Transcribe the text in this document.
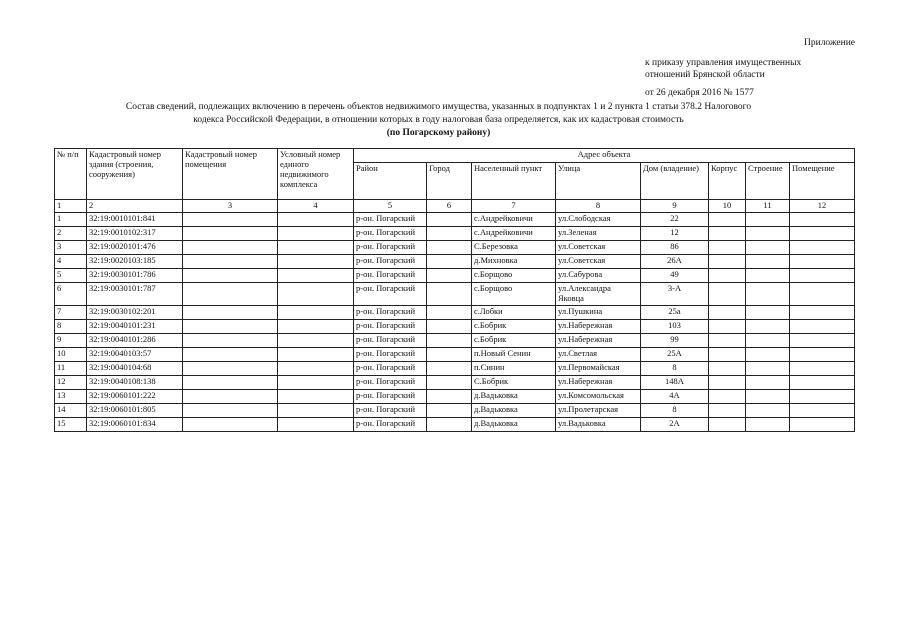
Приложение
к приказу управления имущественных
отношений Брянской области
от 26 декабря 2016 № 1577
Состав сведений, подлежащих включению в перечень объектов недвижимого имущества, указанных в подпунктах 1 и 2 пункта 1 статьи 378.2 Налогового
кодекса Российской Федерации, в отношении которых в году налоговая база определяется, как их кадастровая стоимость
(по Погарскому району)
№ п/п	Кадастровый номер здания (строения, сооружения)	Кадастровый номер помещения	Условный номер единого недвижимого комплекса	Адрес объекта							
				Район	Город	Населенный пункт	Улица	Дом (владение)	Корпус	Строение	Помещение
1	2	3	4	5	6	7	8	9	10	11	12
1	32:19:0010101:841			р-он. Погарский		с.Андрейковичи	ул.Слободская	22			
2	32:19:0010102:317			р-он. Погарский		с.Андрейковичи	ул.Зеленая	12			
3	32:19:0020101:476			р-он. Погарский		С.Березовка	ул.Советская	86			
4	32:19:0020103:185			р-он. Погарский		д.Михновка	ул.Советская	26А			
5	32:19:0030101:786			р-он. Погарский		с.Борщово	ул.Сабурова	49			
6	32:19:0030101:787			р-он. Погарский		с.Борщово	ул.Александра Яковца	3-А			
7	32:19:0030102:201			р-он. Погарский		с.Лобки	ул.Пушкина	25а			
8	32:19:0040101:231			р-он. Погарский		с.Бобрик	ул.Набережная	103			
9	32:19:0040101:286			р-он. Погарский		с.Бобрик	ул.Набережная	99			
10	32:19:0040103:57			р-он. Погарский		п.Новый Сенин	ул.Светлая	25А			
11	32:19:0040104:68			р-он. Погарский		п.Синин	ул.Первомайская	8			
12	32:19:0040108:138			р-он. Погарский		С.Бобрик	ул.Набережная	148А			
13	32:19:0060101:222			р-он. Погарский		д.Вадьковка	ул.Комсомольская	4А			
14	32:19:0060101:805			р-он. Погарский		д.Вадьковка	ул.Пролетарская	8			
15	32:19:0060101:834			р-он. Погарский		д.Вадьковка	ул.Вадьковка	2А			
